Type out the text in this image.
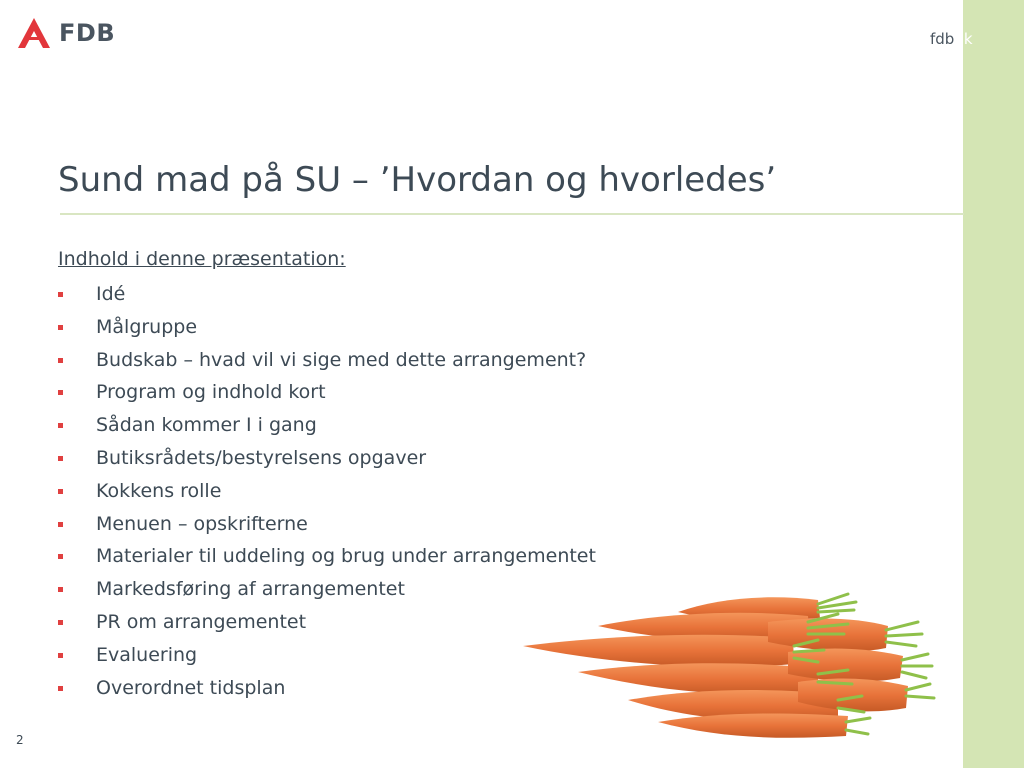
FDB	fdbdk
Sund mad på SU – ’Hvordan og hvorledes’
Indhold i denne præsentation:
Idé
Målgruppe
Budskab – hvad vil vi sige med dette arrangement?
Program og indhold kort
Sådan kommer I i gang
Butiksrådets/bestyrelsens opgaver
Kokkens rolle
Menuen – opskrifterne
Materialer til uddeling og brug under arrangementet
Markedsføring af arrangementet
PR om arrangementet
Evaluering
Overordnet tidsplan
2
